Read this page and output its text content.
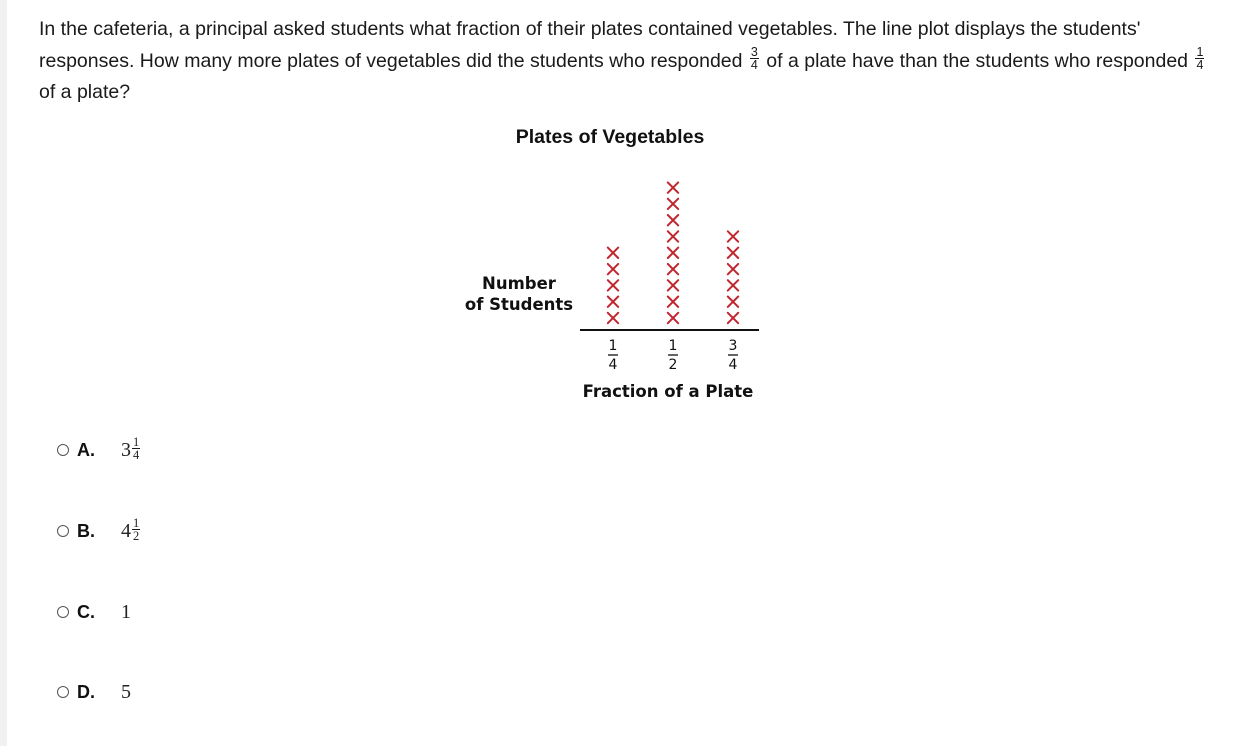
In the cafeteria, a principal asked students what fraction of their plates contained vegetables. The line plot displays the students' responses. How many more plates of vegetables did the students who responded $\frac{3}{4}$ of a plate have than the students who responded $\frac{1}{4}$
of a plate?
Plates of Vegetables
Number
of Students
Fraction of a Plate
1
4
1
2
3
4
A.	$3 \frac{1}{4}$
B.	$4 \frac{1}{2}$
C.	1
D.	5
